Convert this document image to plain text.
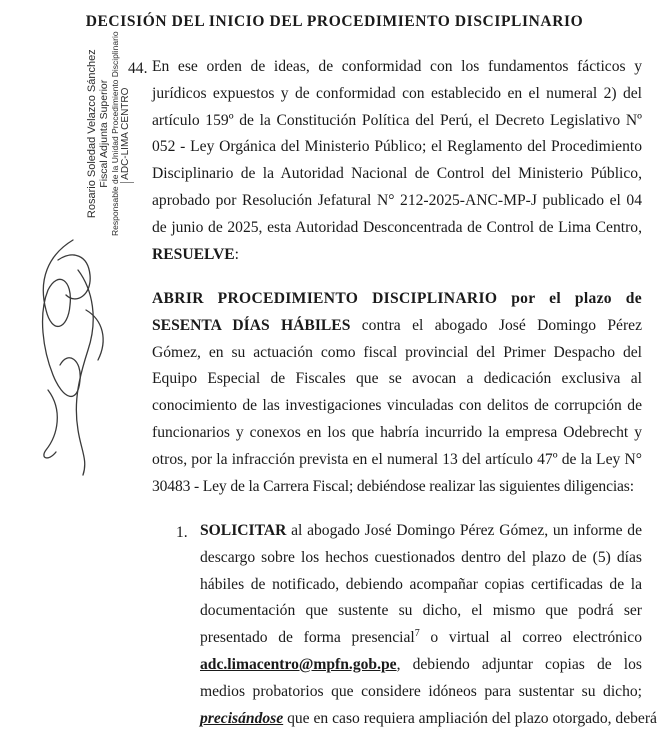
DECISIÓN DEL INICIO DEL PROCEDIMIENTO DISCIPLINARIO
44. En ese orden de ideas, de conformidad con los fundamentos fácticos y
jurídicos expuestos y de conformidad con establecido en el numeral 2) del
artículo 159º de la Constitución Política del Perú, el Decreto Legislativo Nº
052 - Ley Orgánica del Ministerio Público; el Reglamento del Procedimiento
Disciplinario de la Autoridad Nacional de Control del Ministerio Público,
aprobado por Resolución Jefatural N° 212-2025-ANC-MP-J publicado el 04
de junio de 2025, esta Autoridad Desconcentrada de Control de Lima Centro,
RESUELVE:
ABRIR PROCEDIMIENTO DISCIPLINARIO por el plazo de
SESENTA DÍAS HÁBILES contra el abogado José Domingo Pérez
Gómez, en su actuación como fiscal provincial del Primer Despacho del
Equipo Especial de Fiscales que se avocan a dedicación exclusiva al
conocimiento de las investigaciones vinculadas con delitos de corrupción de
funcionarios y conexos en los que habría incurrido la empresa Odebrecht y
otros, por la infracción prevista en el numeral 13 del artículo 47º de la Ley N°
30483 - Ley de la Carrera Fiscal; debiéndose realizar las siguientes diligencias:
1. SOLICITAR al abogado José Domingo Pérez Gómez, un informe de
descargo sobre los hechos cuestionados dentro del plazo de (5) días
hábiles de notificado, debiendo acompañar copias certificadas de la
documentación que sustente su dicho, el mismo que podrá ser
presentado de forma presencial$^7$ o virtual al correo electrónico
adc.limacentro@mpfn.gob.pe, debiendo adjuntar copias de los
medios probatorios que considere idóneos para sustentar su dicho;
precisándose que en caso requiera ampliación del plazo otorgado, deberá
Rosario Soledad Velazco Sánchez Fiscal Adjunta Superior Responsable de la Unidad Procedimiento Disciplinario ADC-LIMA CENTRO
